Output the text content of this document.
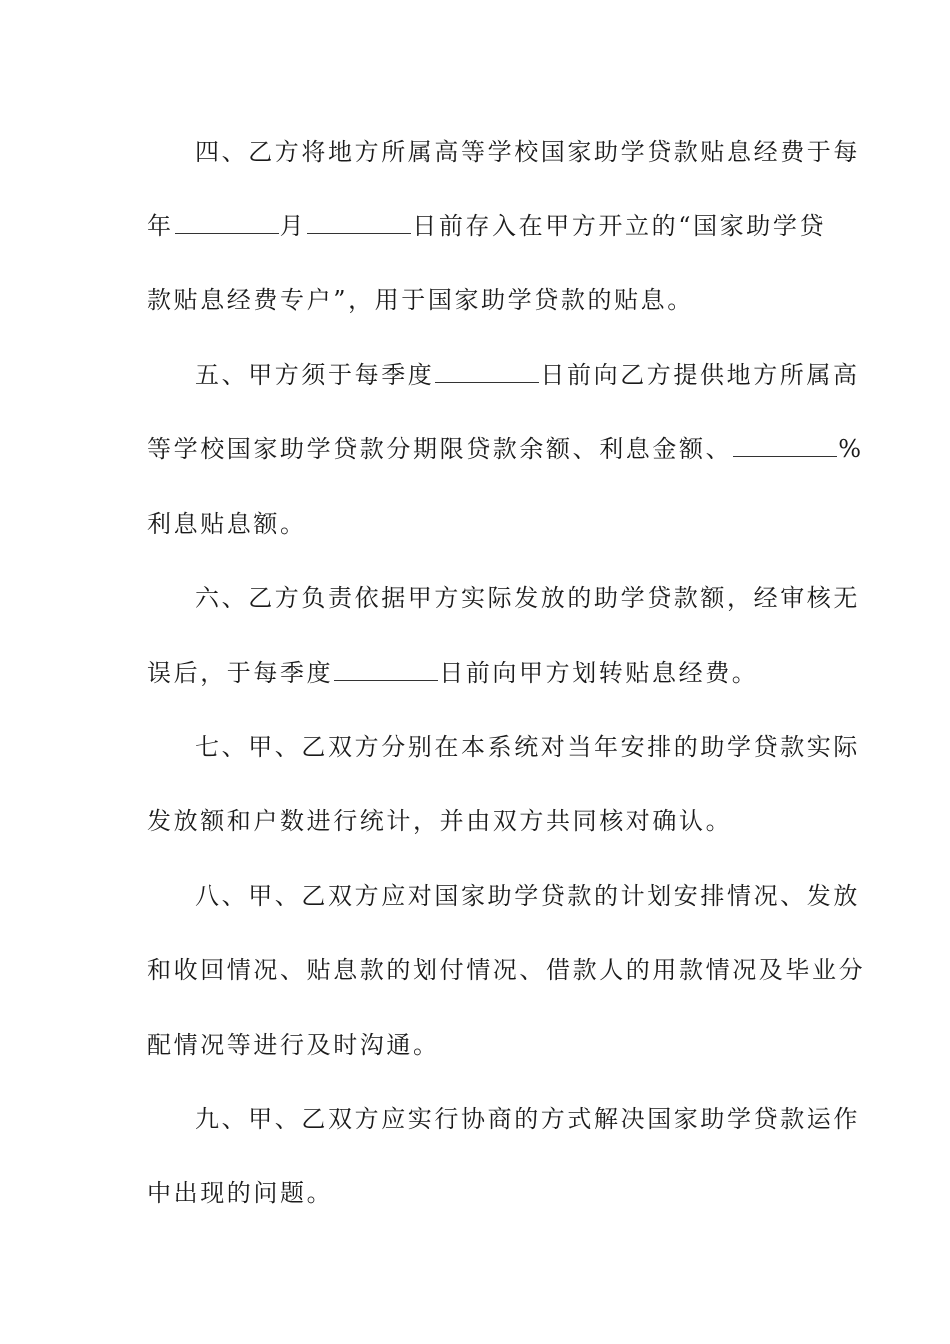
四、乙方将地方所属高等学校国家助学贷款贴息经费于每
年	月	日前存入在甲方开立的“国家助学贷
款贴息经费专户”，用于国家助学贷款的贴息。
五、甲方须于每季度	日前向乙方提供地方所属高
等学校国家助学贷款分期限贷款余额、利息金额、	%
利息贴息额。
六、乙方负责依据甲方实际发放的助学贷款额，经审核无
误后，于每季度	日前向甲方划转贴息经费。
七、甲、乙双方分别在本系统对当年安排的助学贷款实际
发放额和户数进行统计，并由双方共同核对确认。
八、甲、乙双方应对国家助学贷款的计划安排情况、发放
和收回情况、贴息款的划付情况、借款人的用款情况及毕业分
配情况等进行及时沟通。
九、甲、乙双方应实行协商的方式解决国家助学贷款运作
中出现的问题。
